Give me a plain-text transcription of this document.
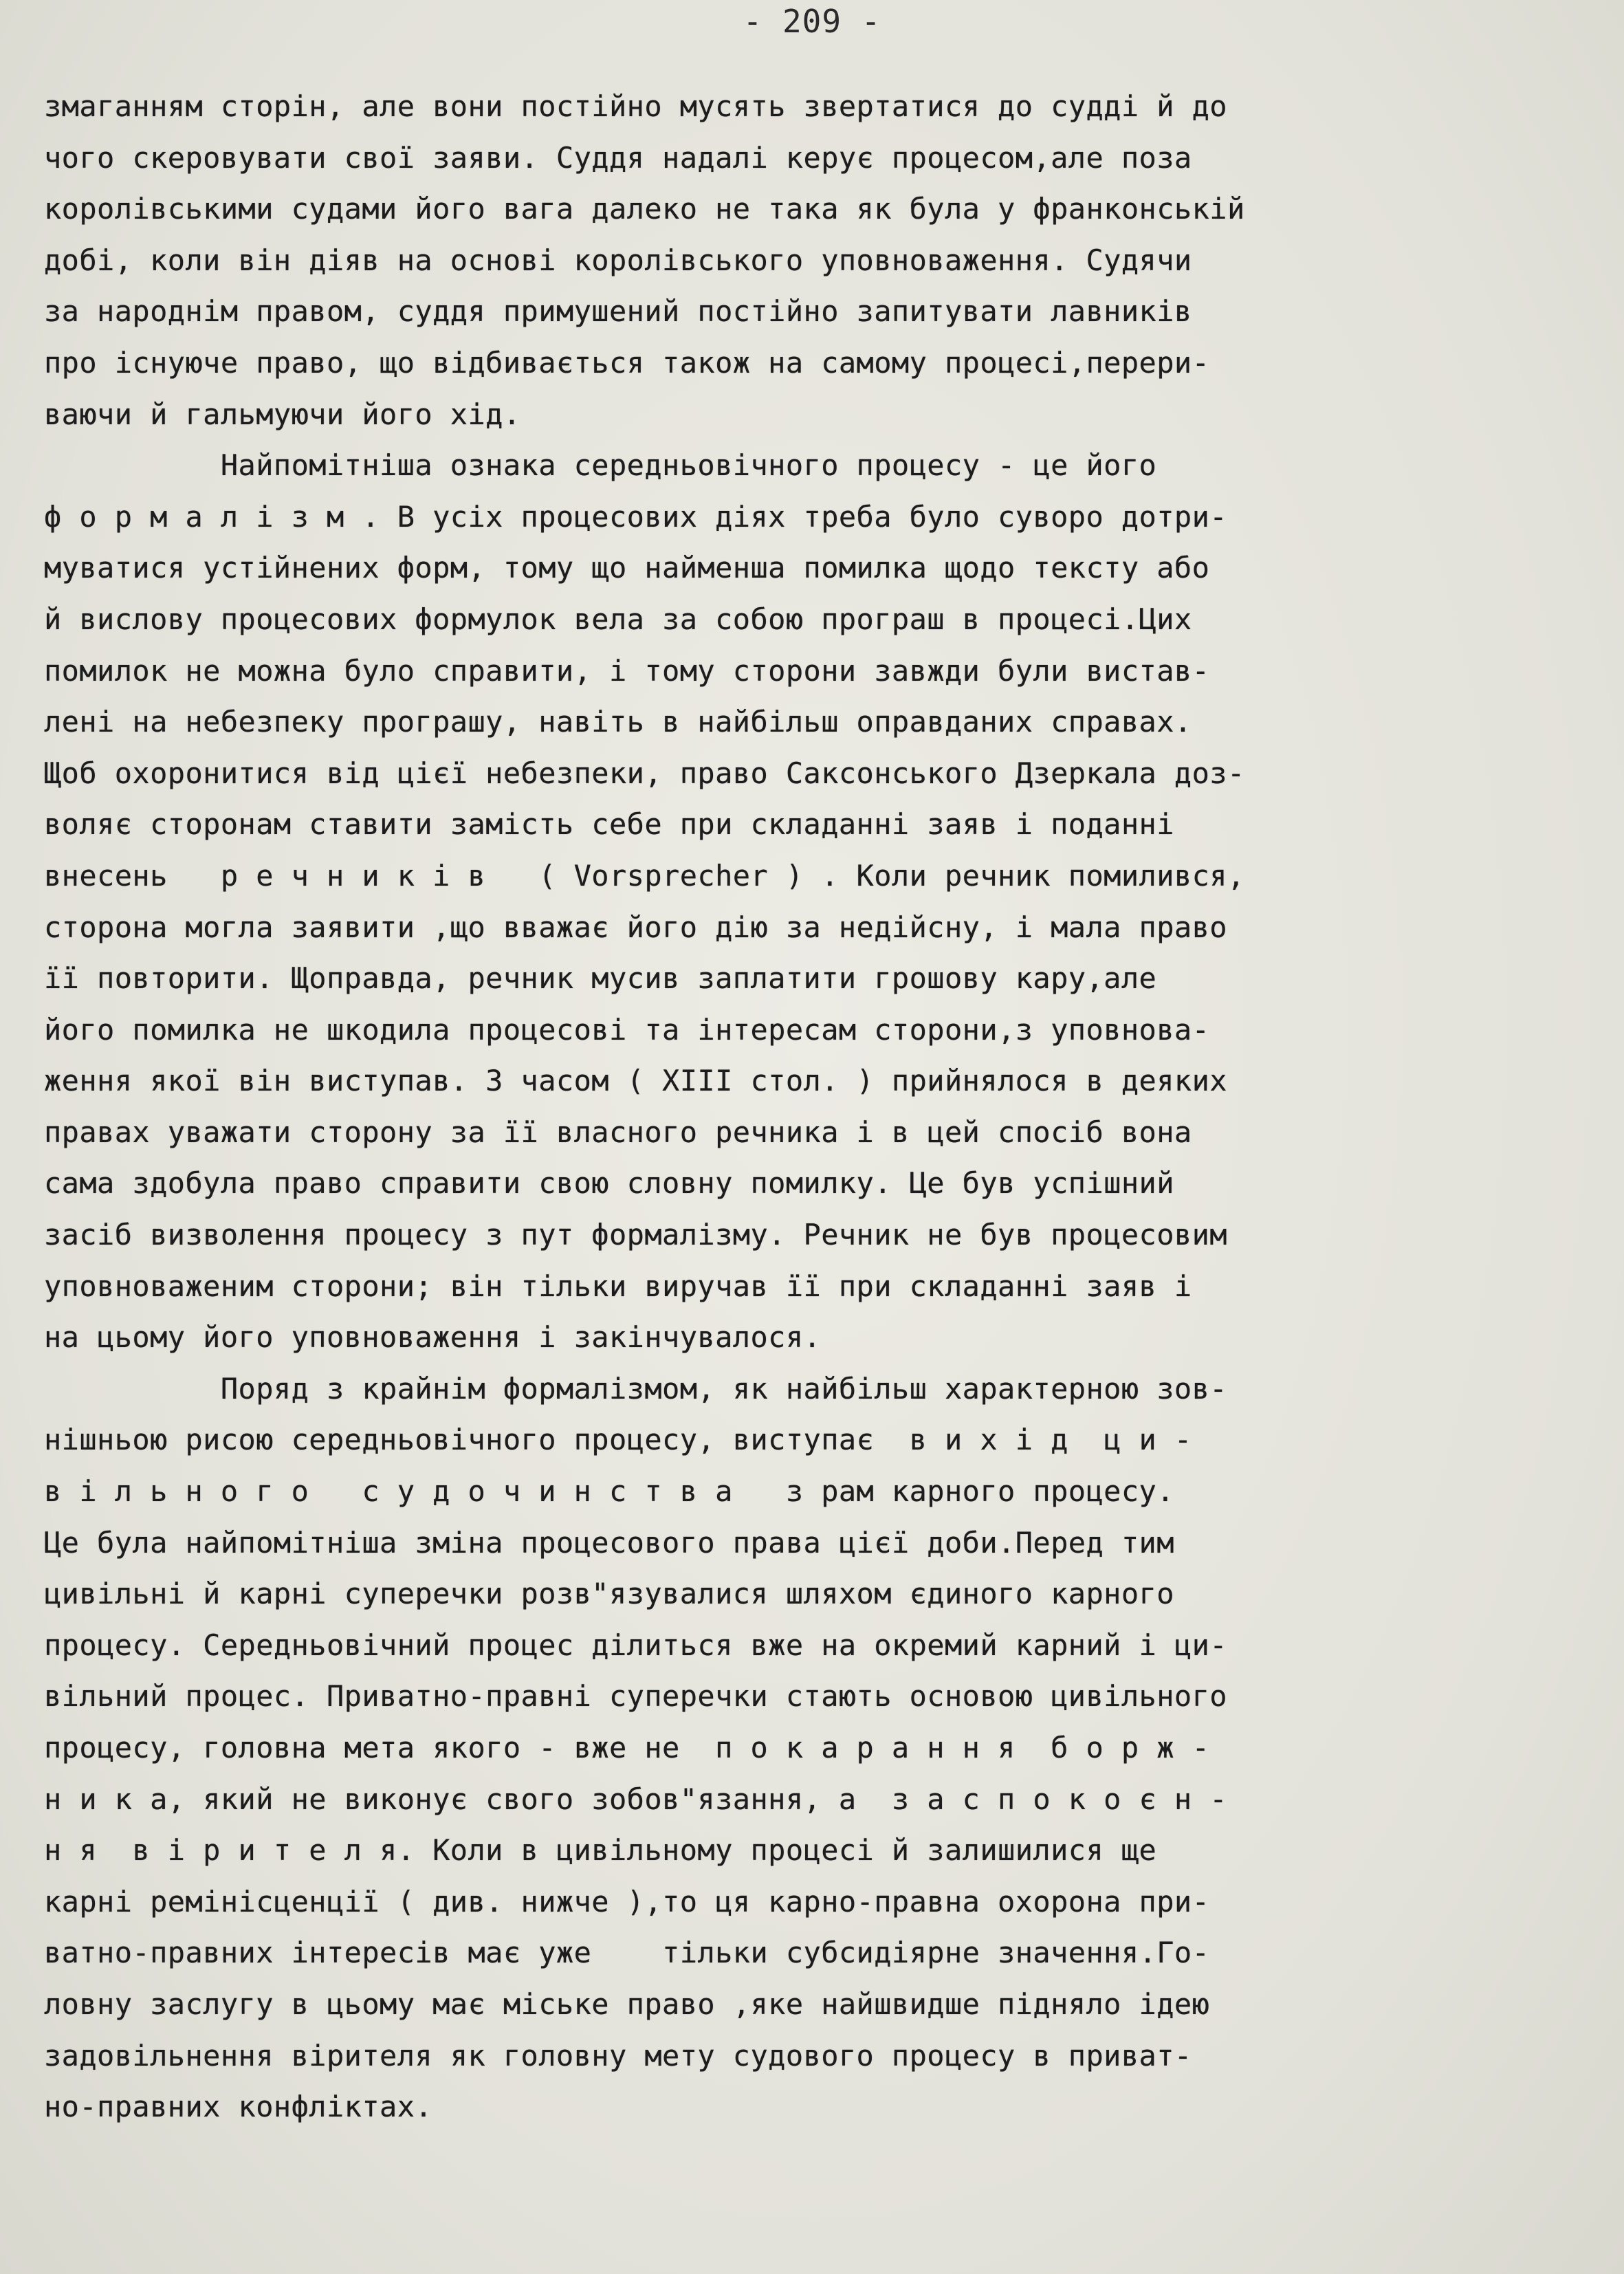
- 209 -
змаганням сторін, але вони постійно мусять звертатися до судді й до
чого скеровувати свої заяви. Суддя надалі керує процесом,але поза
королівськими судами його вага далеко не така як була у франконській
добі, коли він діяв на основі королівського уповноваження. Судячи
за народнім правом, суддя примушений постійно запитувати лавників
про існуюче право, що відбивається також на самому процесі,перери-
ваючи й гальмуючи його хід.
Найпомітніша ознака середньовічного процесу - це його
ф о р м а л і з м . В усіх процесових діях треба було суворо дотри-
муватися устійнених форм, тому що найменша помилка щодо тексту або
й вислову процесових формулок вела за собою програш в процесі.Цих
помилок не можна було справити, і тому сторони завжди були вистав-
лені на небезпеку програшу, навіть в найбільш оправданих справах.
Щоб охоронитися від цієї небезпеки, право Саксонського Дзеркала доз-
воляє сторонам ставити замість себе при складанні заяв і поданні
внесень   р е ч н и к і в   ( Vorsprecher ) . Коли речник помилився,
сторона могла заявити ,що вважає його дію за недійсну, і мала право
її повторити. Щоправда, речник мусив заплатити грошову кару,але
його помилка не шкодила процесові та інтересам сторони,з уповнова-
ження якої він виступав. З часом ( XIII стол. ) прийнялося в деяких
правах уважати сторону за її власного речника і в цей спосіб вона
сама здобула право справити свою словну помилку. Це був успішний
засіб визволення процесу з пут формалізму. Речник не був процесовим
уповноваженим сторони; він тільки виручав її при складанні заяв і
на цьому його уповноваження і закінчувалося.
Поряд з крайнім формалізмом, як найбільш характерною зов-
нішньою рисою середньовічного процесу, виступає  в и х і д  ц и -
в і л ь н о г о   с у д о ч и н с т в а   з рам карного процесу.
Це була найпомітніша зміна процесового права цієї доби.Перед тим
цивільні й карні суперечки розв"язувалися шляхом єдиного карного
процесу. Середньовічний процес ділиться вже на окремий карний і ци-
вільний процес. Приватно-правні суперечки стають основою цивільного
процесу, головна мета якого - вже не  п о к а р а н н я  б о р ж -
н и к а, який не виконує свого зобов"язання, а  з а с п о к о є н -
н я  в і р и т е л я. Коли в цивільному процесі й залишилися ще
карні ремінісценції ( див. нижче ),то ця карно-правна охорона при-
ватно-правних інтересів має уже    тільки субсидіярне значення.Го-
ловну заслугу в цьому має міське право ,яке найшвидше підняло ідею
задовільнення вірителя як головну мету судового процесу в приват-
но-правних конфліктах.
